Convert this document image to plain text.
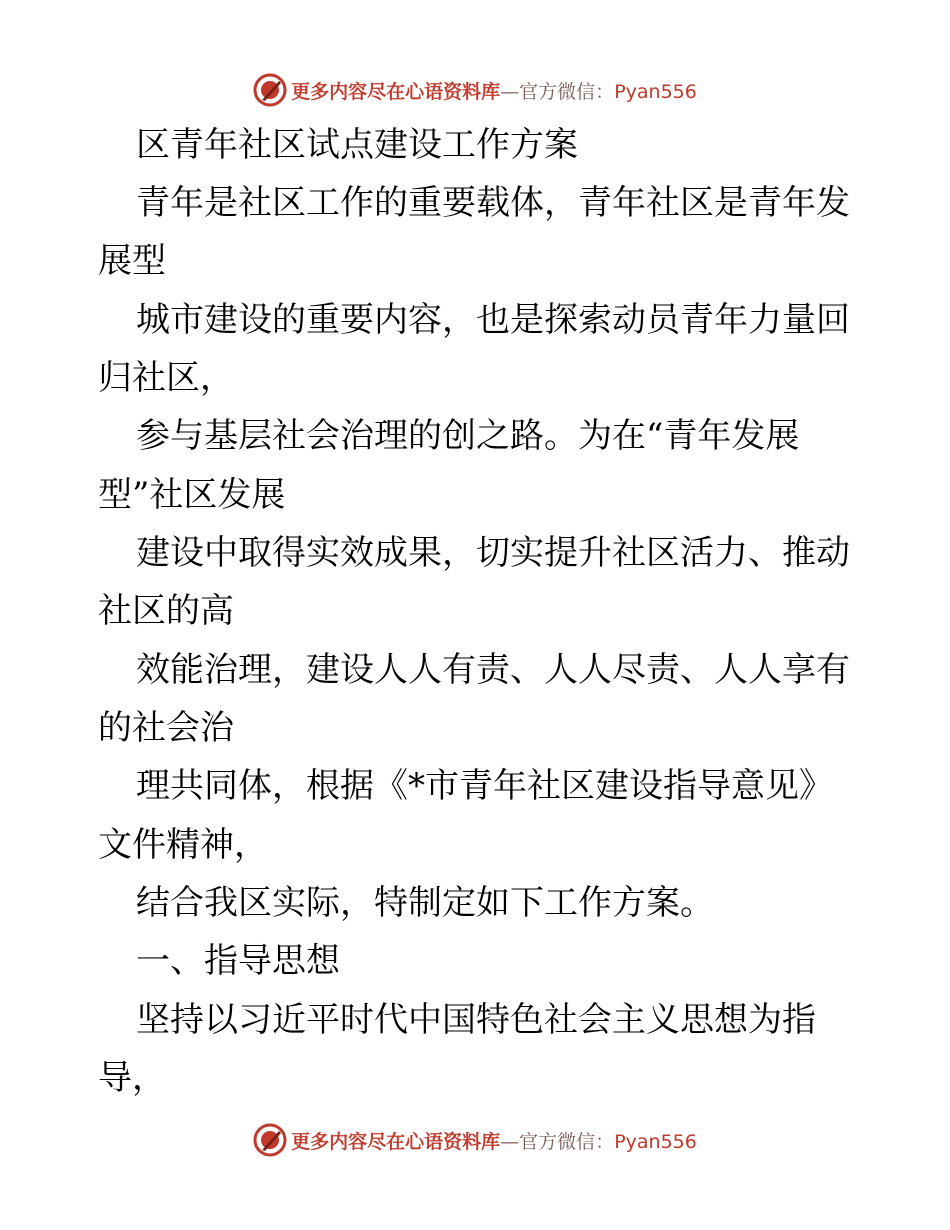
更多内容尽在心语资料库—官方微信：Pyan556
区青年社区试点建设工作方案
青年是社区工作的重要载体，青年社区是青年发
展型
城市建设的重要内容，也是探索动员青年力量回
归社区，
参与基层社会治理的创之路。为在“青年发展
型”社区发展
建设中取得实效成果，切实提升社区活力、推动
社区的高
效能治理，建设人人有责、人人尽责、人人享有
的社会治
理共同体，根据《*市青年社区建设指导意见》
文件精神，
结合我区实际，特制定如下工作方案。
一、指导思想
坚持以习近平时代中国特色社会主义思想为指
导，
更多内容尽在心语资料库—官方微信：Pyan556
